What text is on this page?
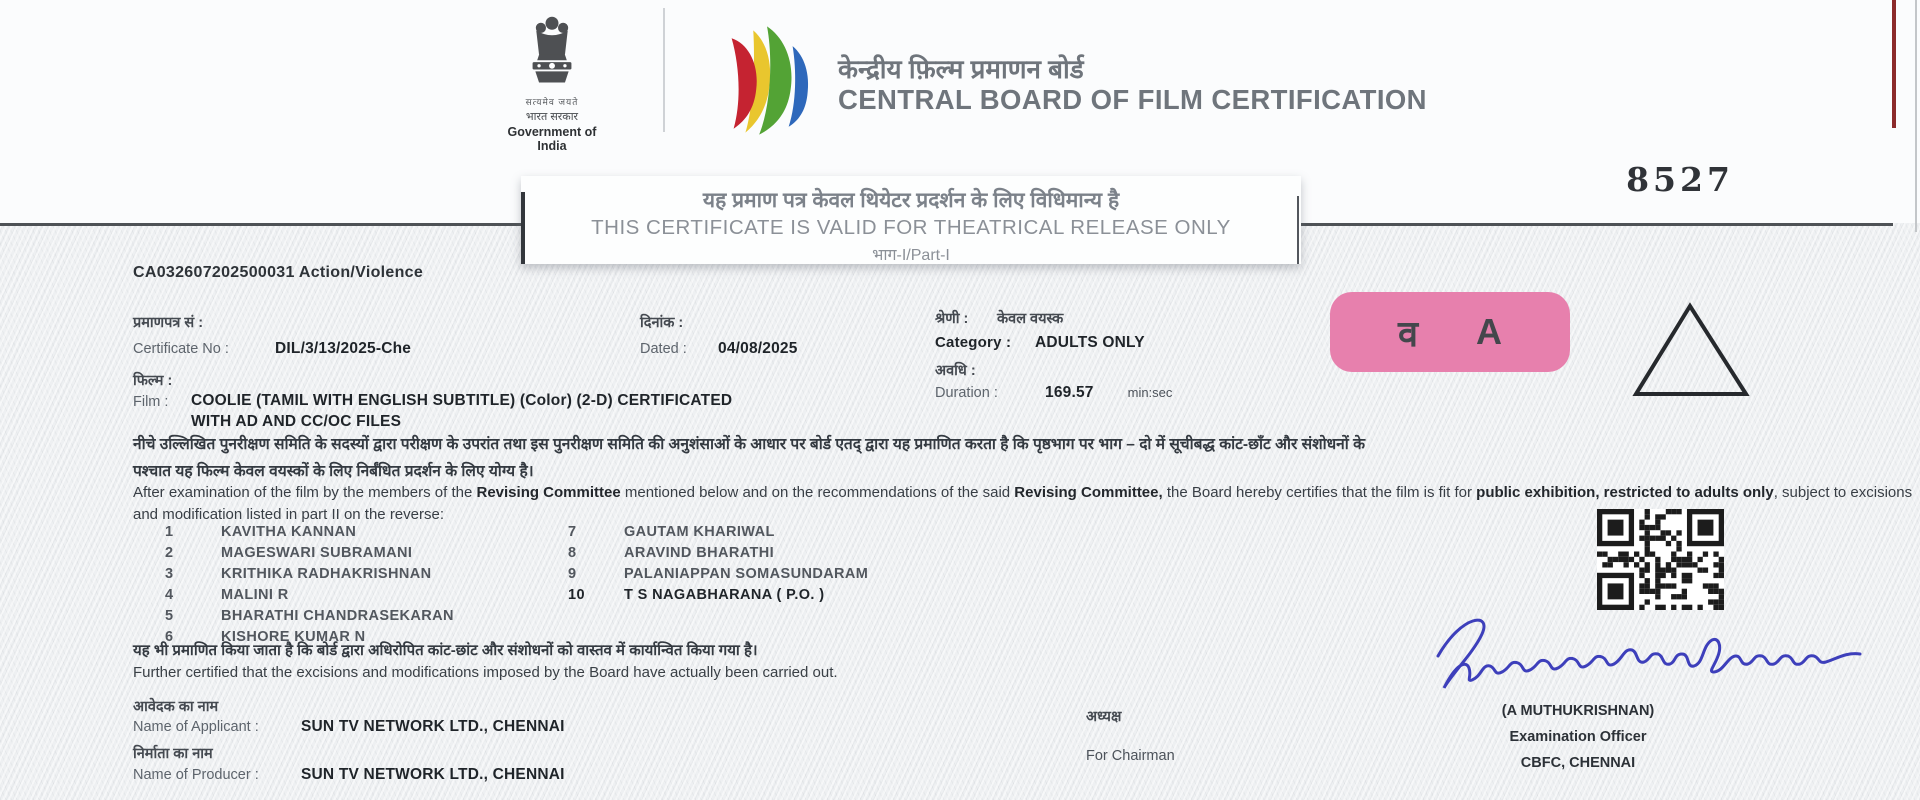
सत्यमेव जयते
भारत सरकार
Government of India
केन्द्रीय फ़िल्म प्रमाणन बोर्ड
CENTRAL BOARD OF FILM CERTIFICATION
8527
यह प्रमाण पत्र केवल थियेटर प्रदर्शन के लिए विधिमान्य है
THIS CERTIFICATE IS VALID FOR THEATRICAL RELEASE ONLY
भाग-I/Part-I
CA032607202500031 Action/Violence
प्रमाणपत्र सं :
Certificate No :	DIL/3/13/2025-Che
दिनांक :
Dated :	04/08/2025
फिल्म :
Film :	COOLIE (TAMIL WITH ENGLISH SUBTITLE) (Color) (2-D) CERTIFICATED
WITH AD AND CC/OC FILES
श्रेणी :	केवल वयस्क
Category :	ADULTS ONLY
अवधि :
Duration :	169.57	min:sec
व A
नीचे उल्लिखित पुनरीक्षण समिति के सदस्यों द्वारा परीक्षण के उपरांत तथा इस पुनरीक्षण समिति की अनुशंसाओं के आधार पर बोर्ड एतद् द्वारा यह प्रमाणित करता है कि पृष्ठभाग पर भाग – दो में सूचीबद्ध कांट-छाँट और संशोधनों के
पश्चात यह फिल्म केवल वयस्कों के लिए निर्बंधित प्रदर्शन के लिए योग्य है।
After examination of the film by the members of the Revising Committee mentioned below and on the recommendations of the said Revising Committee, the Board hereby certifies that the film is fit for public exhibition, restricted to adults only, subject to excisions and modification listed in part II on the reverse:
1	KAVITHA KANNAN
2	MAGESWARI SUBRAMANI
3	KRITHIKA RADHAKRISHNAN
4	MALINI R
5	BHARATHI CHANDRASEKARAN
6	KISHORE KUMAR N
7	GAUTAM KHARIWAL
8	ARAVIND BHARATHI
9	PALANIAPPAN SOMASUNDARAM
10	T S NAGABHARANA ( P.O. )
यह भी प्रमाणित किया जाता है कि बोर्ड द्वारा अधिरोपित कांट-छांट और संशोधनों को वास्तव में कार्यान्वित किया गया है।
Further certified that the excisions and modifications imposed by the Board have actually been carried out.
आवेदक का नाम
Name of Applicant :	SUN TV NETWORK LTD., CHENNAI
निर्माता का नाम
Name of Producer :	SUN TV NETWORK LTD., CHENNAI
अध्यक्ष
For Chairman
(A MUTHUKRISHNAN)
Examination Officer
CBFC, CHENNAI
